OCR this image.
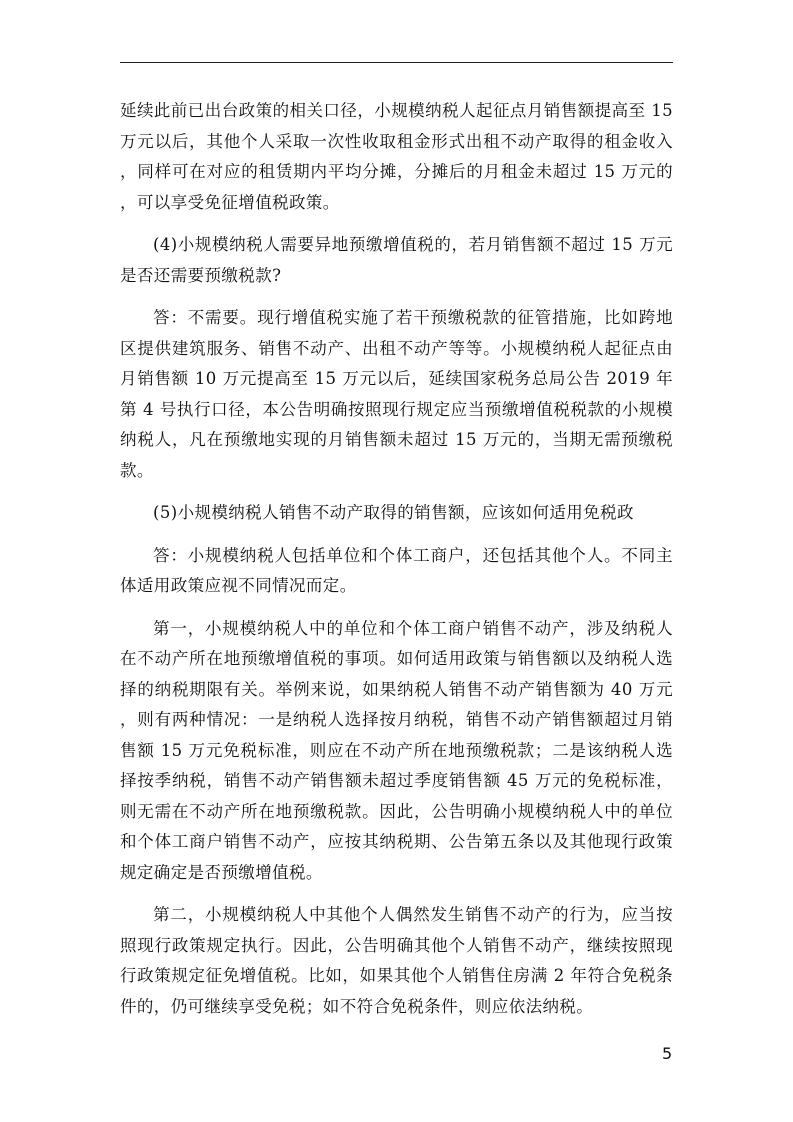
延续此前已出台政策的相关口径，小规模纳税人起征点月销售额提高至 15 万元以后，其他个人采取一次性收取租金形式出租不动产取得的租金收入，同样可在对应的租赁期内平均分摊，分摊后的月租金未超过 15 万元的，可以享受免征增值税政策。

(4)小规模纳税人需要异地预缴增值税的，若月销售额不超过 15 万元是否还需要预缴税款?

答：不需要。现行增值税实施了若干预缴税款的征管措施，比如跨地区提供建筑服务、销售不动产、出租不动产等等。小规模纳税人起征点由月销售额 10 万元提高至 15 万元以后，延续国家税务总局公告 2019 年第 4 号执行口径，本公告明确按照现行规定应当预缴增值税税款的小规模纳税人，凡在预缴地实现的月销售额未超过 15 万元的，当期无需预缴税款。

(5)小规模纳税人销售不动产取得的销售额，应该如何适用免税政

答：小规模纳税人包括单位和个体工商户，还包括其他个人。不同主体适用政策应视不同情况而定。

第一，小规模纳税人中的单位和个体工商户销售不动产，涉及纳税人在不动产所在地预缴增值税的事项。如何适用政策与销售额以及纳税人选择的纳税期限有关。举例来说，如果纳税人销售不动产销售额为 40 万元，则有两种情况：一是纳税人选择按月纳税，销售不动产销售额超过月销售额 15 万元免税标准，则应在不动产所在地预缴税款；二是该纳税人选择按季纳税，销售不动产销售额未超过季度销售额 45 万元的免税标准，则无需在不动产所在地预缴税款。因此，公告明确小规模纳税人中的单位和个体工商户销售不动产，应按其纳税期、公告第五条以及其他现行政策规定确定是否预缴增值税。

第二，小规模纳税人中其他个人偶然发生销售不动产的行为，应当按照现行政策规定执行。因此，公告明确其他个人销售不动产，继续按照现行政策规定征免增值税。比如，如果其他个人销售住房满 2 年符合免税条件的，仍可继续享受免税；如不符合免税条件，则应依法纳税。

5
